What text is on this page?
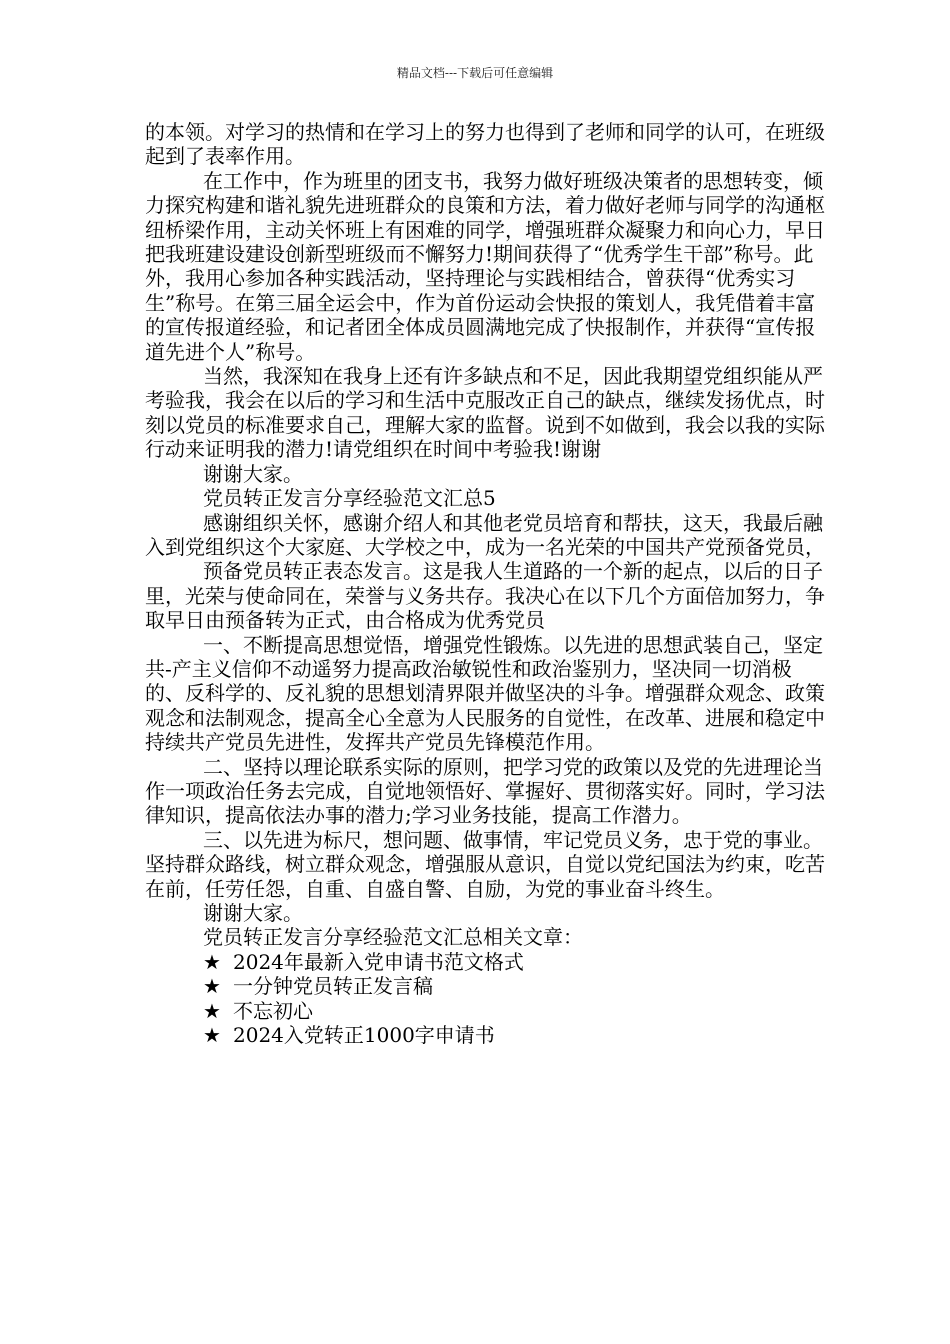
精品文档---下载后可任意编辑

的本领。对学习的热情和在学习上的努力也得到了老师和同学的认可，在班级起到了表率作用。

在工作中，作为班里的团支书，我努力做好班级决策者的思想转变，倾力探究构建和谐礼貌先进班群众的良策和方法，着力做好老师与同学的沟通枢纽桥梁作用，主动关怀班上有困难的同学，增强班群众凝聚力和向心力，早日把我班建设建设创新型班级而不懈努力!期间获得了“优秀学生干部”称号。此外，我用心参加各种实践活动，坚持理论与实践相结合，曾获得“优秀实习生”称号。在第三届全运会中，作为首份运动会快报的策划人，我凭借着丰富的宣传报道经验，和记者团全体成员圆满地完成了快报制作，并获得“宣传报道先进个人”称号。

当然，我深知在我身上还有许多缺点和不足，因此我期望党组织能从严考验我，我会在以后的学习和生活中克服改正自己的缺点，继续发扬优点，时刻以党员的标准要求自己，理解大家的监督。说到不如做到，我会以我的实际行动来证明我的潜力!请党组织在时间中考验我!谢谢

谢谢大家。

党员转正发言分享经验范文汇总5

感谢组织关怀，感谢介绍人和其他老党员培育和帮扶，这天，我最后融入到党组织这个大家庭、大学校之中，成为一名光荣的中国共产党预备党员，

预备党员转正表态发言。这是我人生道路的一个新的起点，以后的日子里，光荣与使命同在，荣誉与义务共存。我决心在以下几个方面倍加努力，争取早日由预备转为正式，由合格成为优秀党员

一、不断提高思想觉悟，增强党性锻炼。以先进的思想武装自己，坚定共-产主义信仰不动遥努力提高政治敏锐性和政治鉴别力，坚决同一切消极的、反科学的、反礼貌的思想划清界限并做坚决的斗争。增强群众观念、政策观念和法制观念，提高全心全意为人民服务的自觉性，在改革、进展和稳定中持续共产党员先进性，发挥共产党员先锋模范作用。

二、坚持以理论联系实际的原则，把学习党的政策以及党的先进理论当作一项政治任务去完成，自觉地领悟好、掌握好、贯彻落实好。同时，学习法律知识，提高依法办事的潜力;学习业务技能，提高工作潜力。

三、以先进为标尺，想问题、做事情，牢记党员义务，忠于党的事业。坚持群众路线，树立群众观念，增强服从意识，自觉以党纪国法为约束，吃苦在前，任劳任怨，自重、自盛自警、自励，为党的事业奋斗终生。

谢谢大家。

党员转正发言分享经验范文汇总相关文章：

★ 2024年最新入党申请书范文格式

★ 一分钟党员转正发言稿

★ 不忘初心

★ 2024入党转正1000字申请书
